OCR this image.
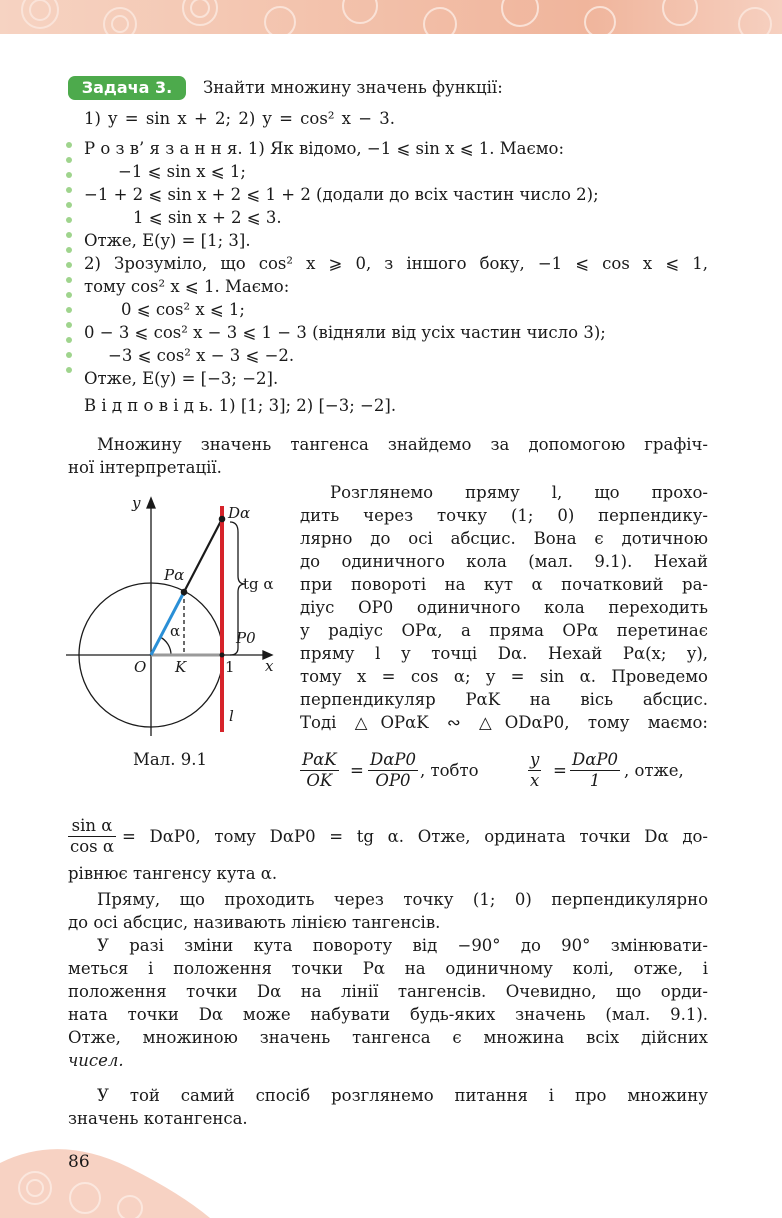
Задача 3.	Знайти множину значень функції:
1) y = sin x + 2; 2) y = cos² x − 3.
Р о з в’ я з а н н я. 1) Як відомо, −1 ⩽ sin x ⩽ 1. Маємо:
−1 ⩽ sin x ⩽ 1;
−1 + 2 ⩽ sin x + 2 ⩽ 1 + 2 (додали до всіх частин число 2);
1 ⩽ sin x + 2 ⩽ 3.
Отже, E(y) = [1; 3].
2) Зрозуміло, що cos² x ⩾ 0, з іншого боку, −1 ⩽ cos x ⩽ 1,
тому cos² x ⩽ 1. Маємо:
0 ⩽ cos² x ⩽ 1;
0 − 3 ⩽ cos² x − 3 ⩽ 1 − 3 (відняли від усіх частин число 3);
−3 ⩽ cos² x − 3 ⩽ −2.
Отже, E(y) = [−3; −2].
В і д п о в і д ь. 1) [1; 3]; 2) [−3; −2].
Множину значень тангенса знайдемо за допомогою графіч-
ної інтерпретації.
y
Dα
Pα
α	P0
O K	x
l
tg α
1
Мал. 9.1
Розглянемо пряму l, що прохо-
дить через точку (1; 0) перпендику-
лярно до осі абсцис. Вона є дотичною
до одиничного кола (мал. 9.1). Нехай
при повороті на кут α початковий ра-
діус OP0 одиничного кола переходить
у радіус OPα, а пряма OPα перетинає
пряму l у точці Dα. Нехай Pα(x; y),
тому x = cos α; y = sin α. Проведемо
перпендикуляр PαK на вісь абсцис.
Тоді △OPαK ∾ △ODαP0, тому маємо:
PαK
OK
=
DαP0
OP0
, тобто	$\frac{y}{x}$ =
DαP0
1
, отже,
$\frac{\text{sin α}}{\text{cos α}} = D\alpha P0$, тому DαP0 = tg α. Отже, ордината точки Dα до-
рівнює тангенсу кута α.
Пряму, що проходить через точку (1; 0) перпендикулярно
до осі абсцис, називають лінією тангенсів.
У разі зміни кута повороту від −90° до 90° змінювати-
меться і положення точки Pα на одиничному колі, отже, і
положення точки Dα на лінії тангенсів. Очевидно, що орди-
ната точки Dα може набувати будь-яких значень (мал. 9.1).
Отже, множиною значень тангенса є множина всіх дійсних
чисел.
У той самий спосіб розглянемо питання і про множину
значень котангенса.
86
